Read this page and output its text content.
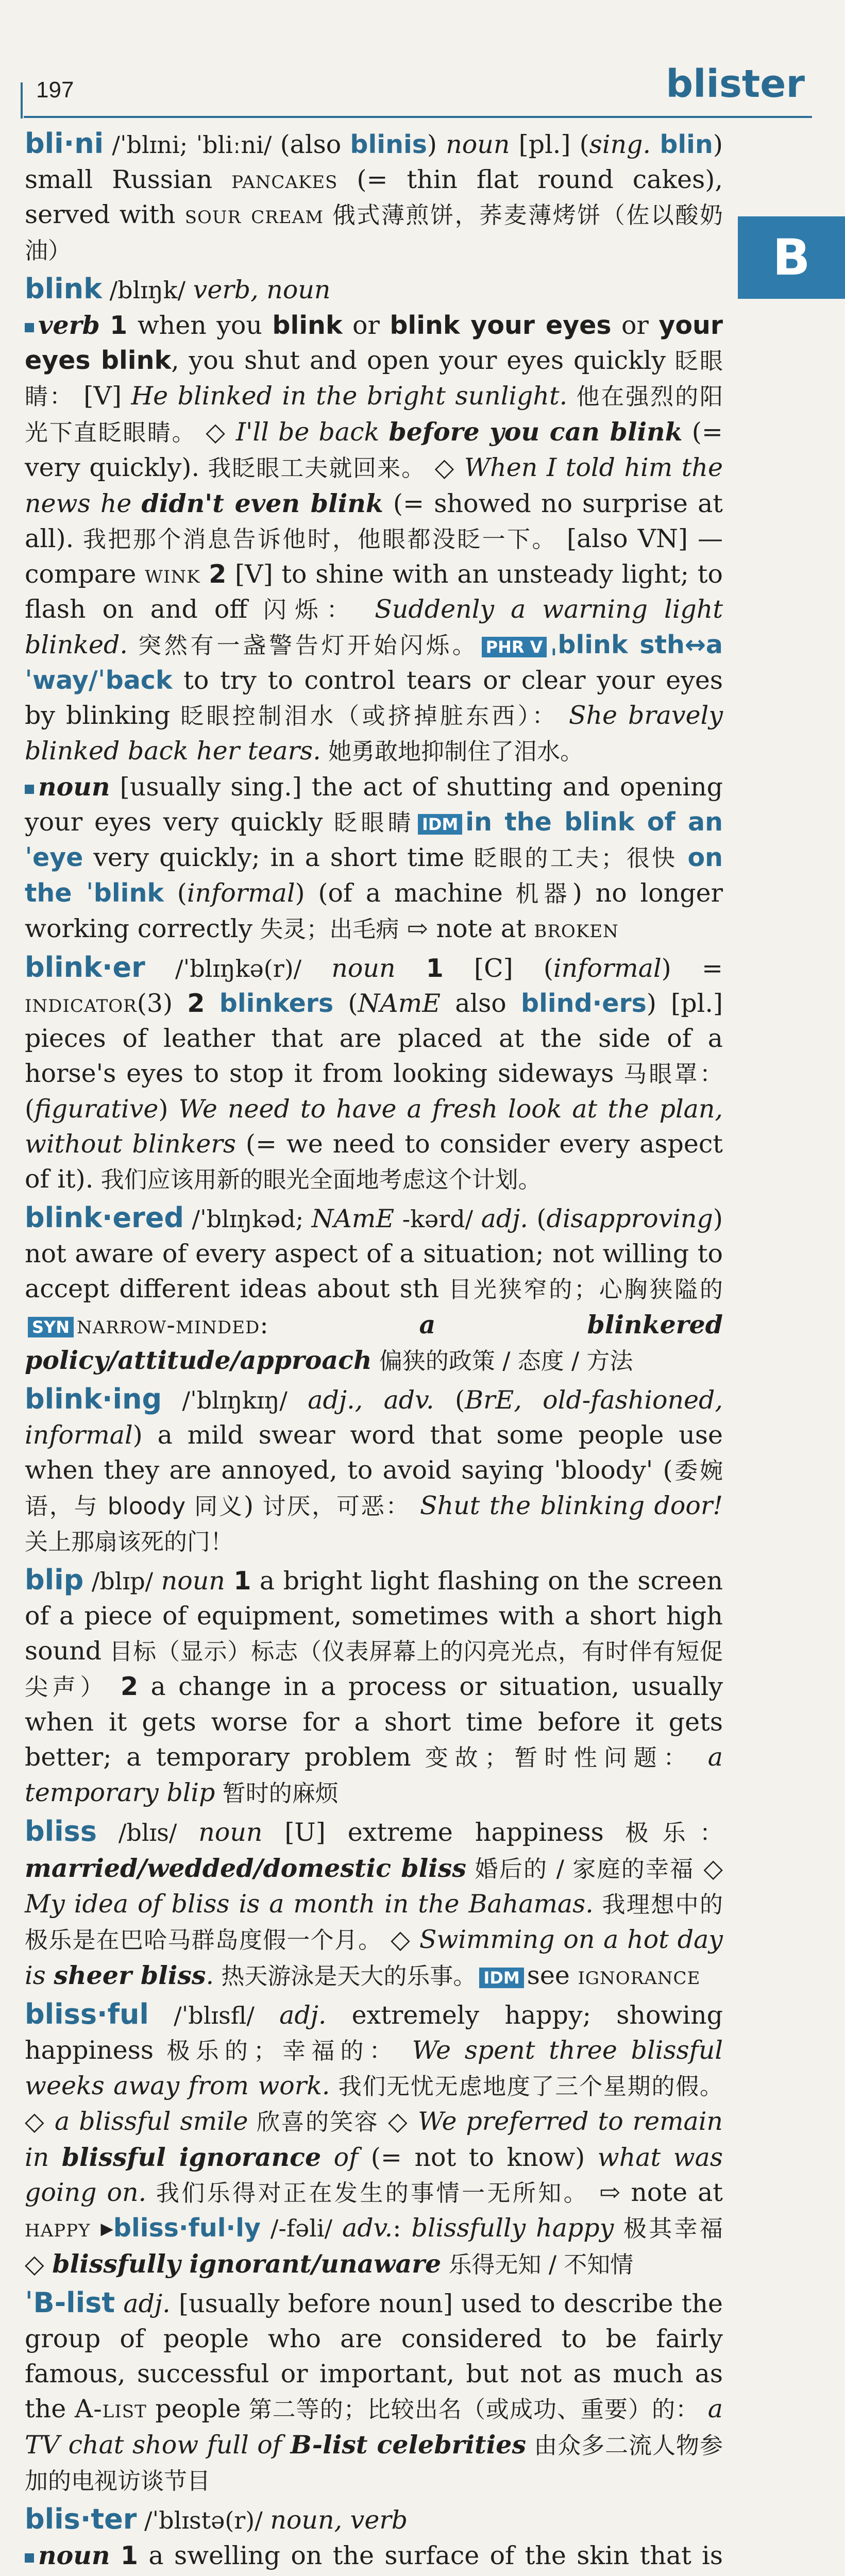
197	blister
B
bli·ni /ˈblɪni; ˈbliːni/ (also blinis) noun [pl.] (sing. blin) small Russian pancakes (= thin flat round cakes), served with sour cream 俄式薄煎饼，荞麦薄烤饼（佐以酸奶油）
blink /blɪŋk/ verb, noun
verb 1 when you blink or blink your eyes or your eyes blink, you shut and open your eyes quickly 眨眼睛： [V] He blinked in the bright sunlight. 他在强烈的阳光下直眨眼睛。 ◇ I'll be back before you can blink (= very quickly). 我眨眼工夫就回来。 ◇ When I told him the news he didn't even blink (= showed no surprise at all). 我把那个消息告诉他时，他眼都没眨一下。 [also VN] — compare wink 2 [V] to shine with an unsteady light; to flash on and off 闪烁： Suddenly a warning light blinked. 突然有一盏警告灯开始闪烁。 PHR V ˌblink sth↔aˈway/ˈback to try to control tears or clear your eyes by blinking 眨眼控制泪水（或挤掉脏东西）： She bravely blinked back her tears. 她勇敢地抑制住了泪水。
noun [usually sing.] the act of shutting and opening your eyes very quickly 眨眼睛 IDM in the blink of an ˈeye very quickly; in a short time 眨眼的工夫；很快 on the ˈblink (informal) (of a machine 机器) no longer working correctly 失灵；出毛病 ⇨ note at broken
blink·er /ˈblɪŋkə(r)/ noun 1 [C] (informal) = indicator(3) 2 blinkers (NAmE also blind·ers) [pl.] pieces of leather that are placed at the side of a horse's eyes to stop it from looking sideways 马眼罩： (figurative) We need to have a fresh look at the plan, without blinkers (= we need to consider every aspect of it). 我们应该用新的眼光全面地考虑这个计划。
blink·ered /ˈblɪŋkəd; NAmE -kərd/ adj. (disapproving) not aware of every aspect of a situation; not willing to accept different ideas about sth 目光狭窄的；心胸狭隘的SYN narrow-minded: a blinkered policy/attitude/approach 偏狭的政策 / 态度 / 方法
blink·ing /ˈblɪŋkɪŋ/ adj., adv. (BrE, old-fashioned, informal) a mild swear word that some people use when they are annoyed, to avoid saying 'bloody' (委婉语，与 bloody 同义) 讨厌，可恶： Shut the blinking door! 关上那扇该死的门！
blip /blɪp/ noun 1 a bright light flashing on the screen of a piece of equipment, sometimes with a short high sound 目标（显示）标志（仪表屏幕上的闪亮光点，有时伴有短促尖声） 2 a change in a process or situation, usually when it gets worse for a short time before it gets better; a temporary problem 变故；暂时性问题： a temporary blip 暂时的麻烦
bliss /blɪs/ noun [U] extreme happiness 极乐： married/wedded/domestic bliss 婚后的 / 家庭的幸福 ◇ My idea of bliss is a month in the Bahamas. 我理想中的极乐是在巴哈马群岛度假一个月。 ◇ Swimming on a hot day is sheer bliss. 热天游泳是天大的乐事。 IDM see ignorance
bliss·ful /ˈblɪsfl/ adj. extremely happy; showing happiness 极乐的；幸福的： We spent three blissful weeks away from work. 我们无忧无虑地度了三个星期的假。 ◇ a blissful smile 欣喜的笑容 ◇ We preferred to remain in blissful ignorance of (= not to know) what was going on. 我们乐得对正在发生的事情一无所知。 ⇨ note at happy ▸bliss·ful·ly /-fəli/ adv.: blissfully happy 极其幸福 ◇ blissfully ignorant/unaware 乐得无知 / 不知情
ˈB-list adj. [usually before noun] used to describe the group of people who are considered to be fairly famous, successful or important, but not as much as the A-list people 第二等的；比较出名（或成功、重要）的： a TV chat show full of B-list celebrities 由众多二流人物参加的电视访谈节目
blis·ter /ˈblɪstə(r)/ noun, verb
noun 1 a swelling on the surface of the skin that is
